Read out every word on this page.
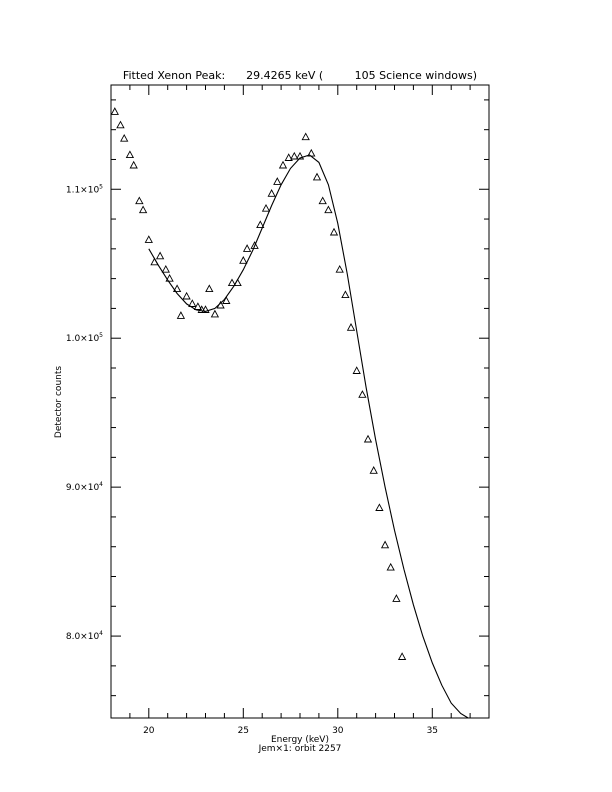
Fitted Xenon Peak:      29.4265 keV (         105 Science windows)
20	25	30	35
$8.0\times 10^4$
$9.0\times 10^4$
$1.0\times 10^5$
$1.1\times 10^5$
Energy (keV)
Jem×1: orbit 2257
Detector counts
